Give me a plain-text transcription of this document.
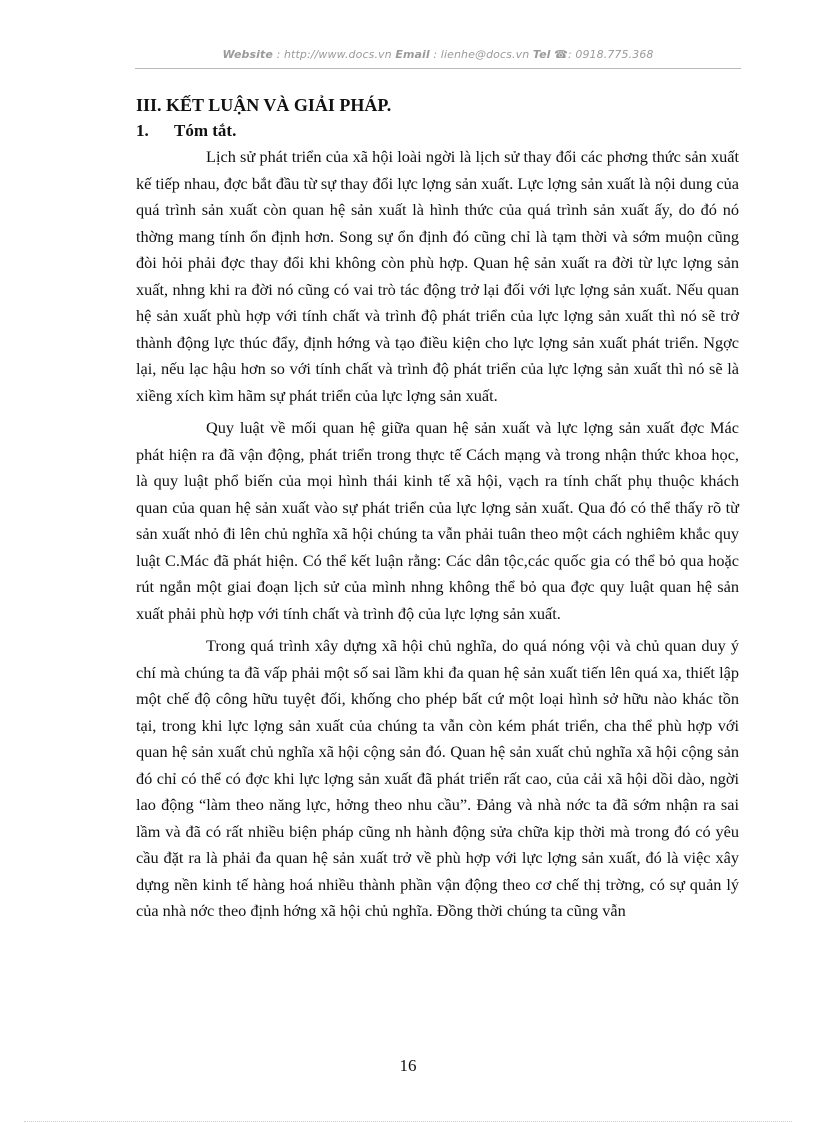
Website : http://www.docs.vn Email : lienhe@docs.vn Tel ☎: 0918.775.368
III. KẾT LUẬN VÀ GIẢI PHÁP.
1.	Tóm tắt.

Lịch sử phát triển của xã hội loài ngời là lịch sử thay đổi các phơng thức sản xuất kế tiếp nhau, đợc bắt đầu từ sự thay đổi lực lợng sản xuất. Lực lợng sản xuất là nội dung của quá trình sản xuất còn quan hệ sản xuất là hình thức của quá trình sản xuất ấy, do đó nó thờng mang tính ổn định hơn. Song sự ổn định đó cũng chỉ là tạm thời và sớm muộn cũng đòi hỏi phải đợc thay đổi khi không còn phù hợp. Quan hệ sản xuất ra đời từ lực lợng sản xuất, nhng khi ra đời nó cũng có vai trò tác động trở lại đối với lực lợng sản xuất. Nếu quan hệ sản xuất phù hợp với tính chất và trình độ phát triển của lực lợng sản xuất thì nó sẽ trở thành động lực thúc đẩy, định hớng và tạo điều kiện cho lực lợng sản xuất phát triển. Ngợc lại, nếu lạc hậu hơn so với tính chất và trình độ phát triển của lực lợng sản xuất thì nó sẽ là xiềng xích kìm hãm sự phát triển của lực lợng sản xuất.

Quy luật về mối quan hệ giữa quan hệ sản xuất và lực lợng sản xuất đợc Mác phát hiện ra đã vận động, phát triển trong thực tế Cách mạng và trong nhận thức khoa học, là quy luật phổ biến của mọi hình thái kinh tế xã hội, vạch ra tính chất phụ thuộc khách quan của quan hệ sản xuất vào sự phát triển của lực lợng sản xuất. Qua đó có thể thấy rõ từ sản xuất nhỏ đi lên chủ nghĩa xã hội chúng ta vẫn phải tuân theo một cách nghiêm khắc quy luật C.Mác đã phát hiện. Có thể kết luận rằng: Các dân tộc,các quốc gia có thể bỏ qua hoặc rút ngắn một giai đoạn lịch sử của mình nhng không thể bỏ qua đợc quy luật quan hệ sản xuất phải phù hợp với tính chất và trình độ của lực lợng sản xuất.

Trong quá trình xây dựng xã hội chủ nghĩa, do quá nóng vội và chủ quan duy ý chí mà chúng ta đã vấp phải một số sai lầm khi đa quan hệ sản xuất tiến lên quá xa, thiết lập một chế độ công hữu tuyệt đối, khống cho phép bất cứ một loại hình sở hữu nào khác tồn tại, trong khi lực lợng sản xuất của chúng ta vẫn còn kém phát triển, cha thể phù hợp với quan hệ sản xuất chủ nghĩa xã hội cộng sản đó. Quan hệ sản xuất chủ nghĩa xã hội cộng sản đó chỉ có thể có đợc khi lực lợng sản xuất đã phát triển rất cao, của cải xã hội dồi dào, ngời lao động “làm theo năng lực, hởng theo nhu cầu”. Đảng và nhà nớc ta đã sớm nhận ra sai lầm và đã có rất nhiều biện pháp cũng nh hành động sửa chữa kịp thời mà trong đó có yêu cầu đặt ra là phải đa quan hệ sản xuất trở về phù hợp với lực lợng sản xuất, đó là việc xây dựng nền kinh tế hàng hoá nhiều thành phần vận động theo cơ chế thị trờng, có sự quản lý của nhà nớc theo định hớng xã hội chủ nghĩa. Đồng thời chúng ta cũng vẫn

16
